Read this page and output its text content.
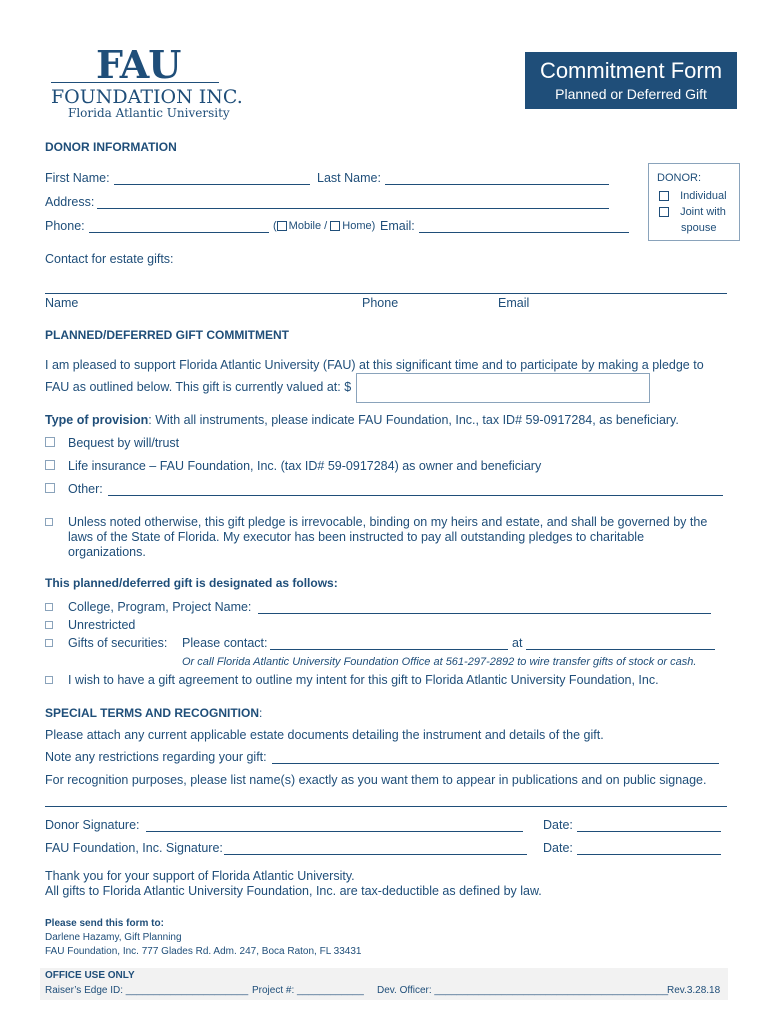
FAU
FOUNDATION INC.
Florida Atlantic University
Commitment Form
Planned or Deferred Gift
DONOR INFORMATION
First Name:	Last Name:
Address:
Phone:	( Mobile / Home) Email:
DONOR:
Individual
Joint with
spouse
Contact for estate gifts:
Name	Phone	Email
PLANNED/DEFERRED GIFT COMMITMENT
I am pleased to support Florida Atlantic University (FAU) at this significant time and to participate by making a pledge to
FAU as outlined below. This gift is currently valued at: $
Type of provision: With all instruments, please indicate FAU Foundation, Inc., tax ID# 59-0917284, as beneficiary.
Bequest by will/trust
Life insurance – FAU Foundation, Inc. (tax ID# 59-0917284) as owner and beneficiary
Other:
Unless noted otherwise, this gift pledge is irrevocable, binding on my heirs and estate, and shall be governed by the
laws of the State of Florida. My executor has been instructed to pay all outstanding pledges to charitable
organizations.
This planned/deferred gift is designated as follows:
College, Program, Project Name:
Unrestricted
Gifts of securities: Please contact:	at
Or call Florida Atlantic University Foundation Office at 561-297-2892 to wire transfer gifts of stock or cash.
I wish to have a gift agreement to outline my intent for this gift to Florida Atlantic University Foundation, Inc.
SPECIAL TERMS AND RECOGNITION:
Please attach any current applicable estate documents detailing the instrument and details of the gift.
Note any restrictions regarding your gift:
For recognition purposes, please list name(s) exactly as you want them to appear in publications and on public signage.
Donor Signature:	Date:
FAU Foundation, Inc. Signature:	Date:
Thank you for your support of Florida Atlantic University.
All gifts to Florida Atlantic University Foundation, Inc. are tax-deductible as defined by law.
Please send this form to:
Darlene Hazamy, Gift Planning
FAU Foundation, Inc. 777 Glades Rd. Adm. 247, Boca Raton, FL 33431
OFFICE USE ONLY
Raiser’s Edge ID: ______________________ Project #: ____________ Dev. Officer: __________________________________________
Rev.3.28.18
